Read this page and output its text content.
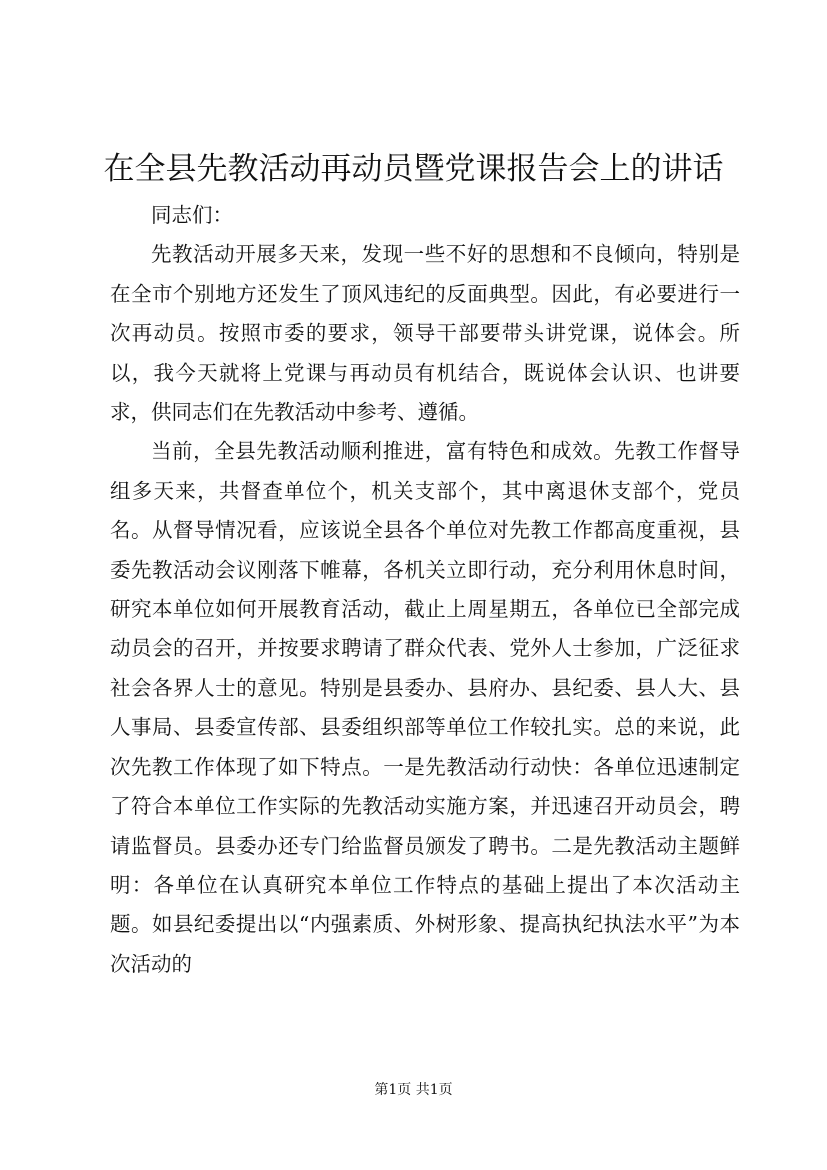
在全县先教活动再动员暨党课报告会上的讲话

同志们：

先教活动开展多天来，发现一些不好的思想和不良倾向，特别是在全市个别地方还发生了顶风违纪的反面典型。因此，有必要进行一次再动员。按照市委的要求，领导干部要带头讲党课，说体会。所以，我今天就将上党课与再动员有机结合，既说体会认识、也讲要求，供同志们在先教活动中参考、遵循。

当前，全县先教活动顺利推进，富有特色和成效。先教工作督导组多天来，共督查单位个，机关支部个，其中离退休支部个，党员名。从督导情况看，应该说全县各个单位对先教工作都高度重视，县委先教活动会议刚落下帷幕，各机关立即行动，充分利用休息时间，研究本单位如何开展教育活动，截止上周星期五，各单位已全部完成动员会的召开，并按要求聘请了群众代表、党外人士参加，广泛征求社会各界人士的意见。特别是县委办、县府办、县纪委、县人大、县人事局、县委宣传部、县委组织部等单位工作较扎实。总的来说，此次先教工作体现了如下特点。一是先教活动行动快：各单位迅速制定了符合本单位工作实际的先教活动实施方案，并迅速召开动员会，聘请监督员。县委办还专门给监督员颁发了聘书。二是先教活动主题鲜明：各单位在认真研究本单位工作特点的基础上提出了本次活动主题。如县纪委提出以“内强素质、外树形象、提高执纪执法水平”为本次活动的

第1页 共1页
